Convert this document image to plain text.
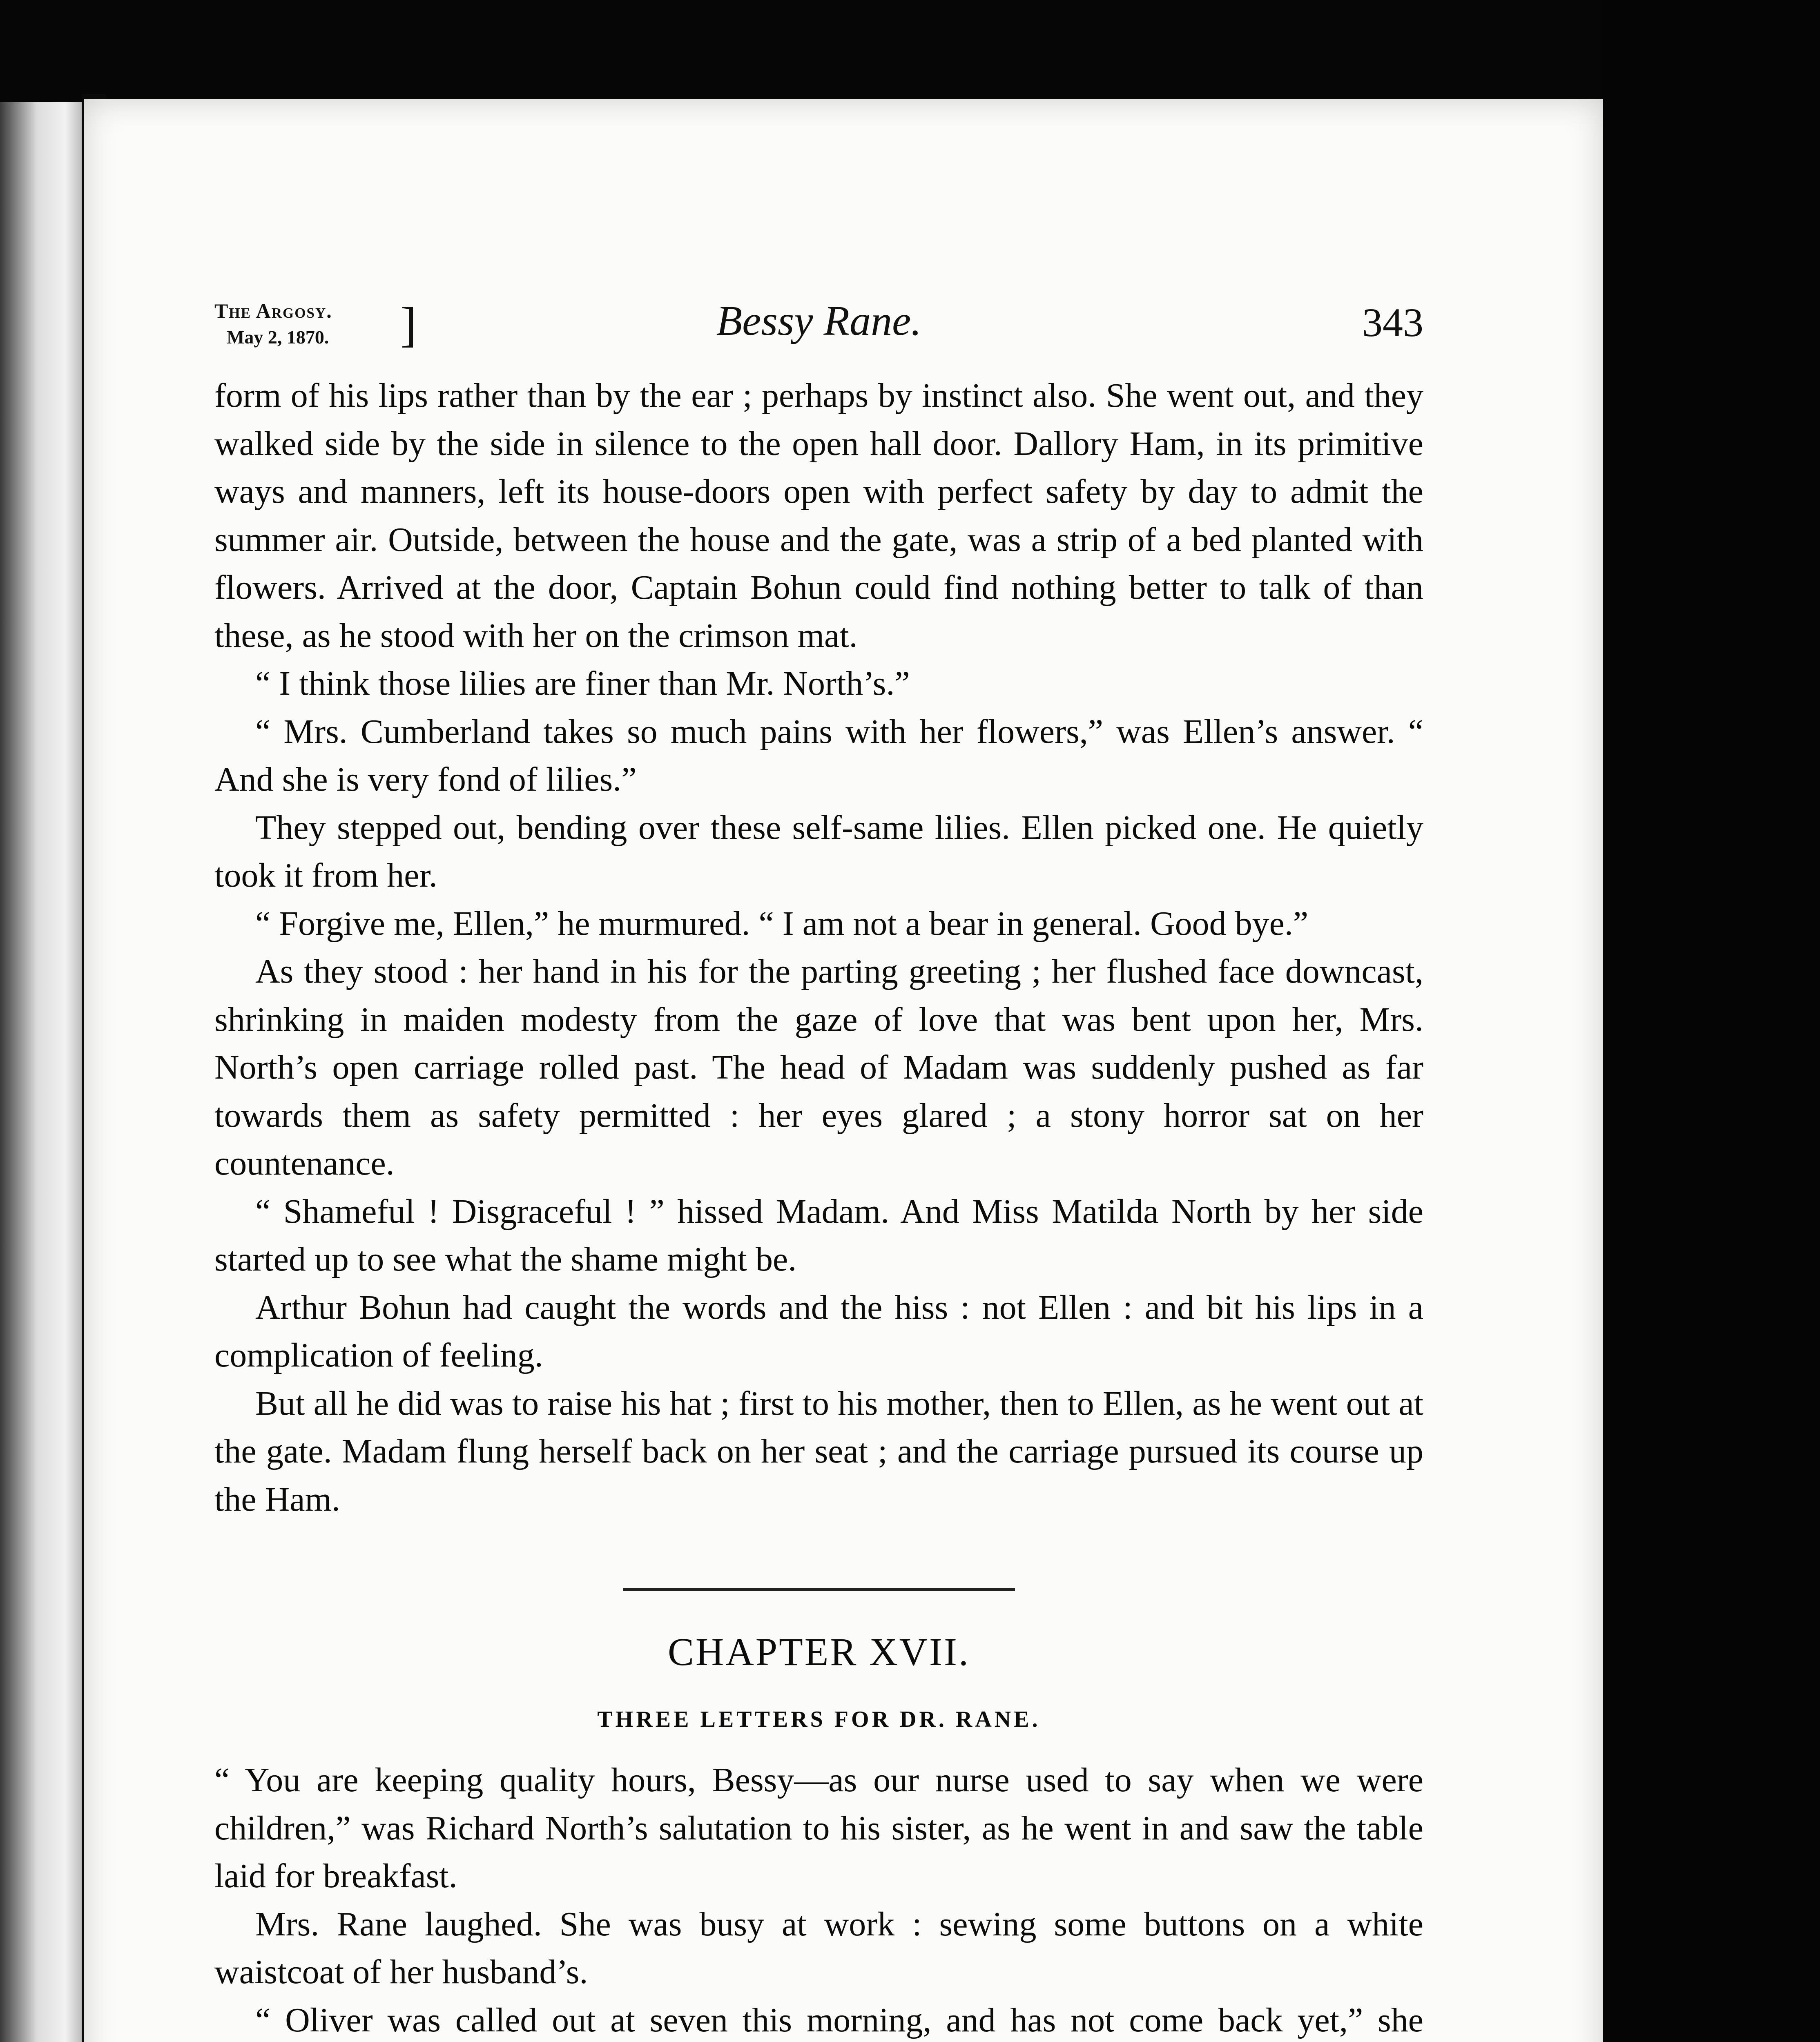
The Argosy.
May 2, 1870. ]	Bessy Rane.	343

form of his lips rather than by the ear ; perhaps by instinct also. She went out, and they walked side by the side in silence to the open hall door. Dallory Ham, in its primitive ways and manners, left its house-doors open with perfect safety by day to admit the summer air. Outside, between the house and the gate, was a strip of a bed planted with flowers. Arrived at the door, Captain Bohun could find nothing better to talk of than these, as he stood with her on the crimson mat.

“ I think those lilies are finer than Mr. North’s.”

“ Mrs. Cumberland takes so much pains with her flowers,” was Ellen’s answer. “ And she is very fond of lilies.”

They stepped out, bending over these self-same lilies. Ellen picked one. He quietly took it from her.

“ Forgive me, Ellen,” he murmured. “ I am not a bear in general. Good bye.”

As they stood : her hand in his for the parting greeting ; her flushed face downcast, shrinking in maiden modesty from the gaze of love that was bent upon her, Mrs. North’s open carriage rolled past. The head of Madam was suddenly pushed as far towards them as safety permitted : her eyes glared ; a stony horror sat on her countenance.

“ Shameful ! Disgraceful ! ” hissed Madam. And Miss Matilda North by her side started up to see what the shame might be.

Arthur Bohun had caught the words and the hiss : not Ellen : and bit his lips in a complication of feeling.

But all he did was to raise his hat ; first to his mother, then to Ellen, as he went out at the gate. Madam flung herself back on her seat ; and the carriage pursued its course up the Ham.

CHAPTER XVII.

THREE LETTERS FOR DR. RANE.

“ You are keeping quality hours, Bessy—as our nurse used to say when we were children,” was Richard North’s salutation to his sister, as he went in and saw the table laid for breakfast.

Mrs. Rane laughed. She was busy at work : sewing some buttons on a white waistcoat of her husband’s.

“ Oliver was called out at seven this morning, and has not come back yet,” she
